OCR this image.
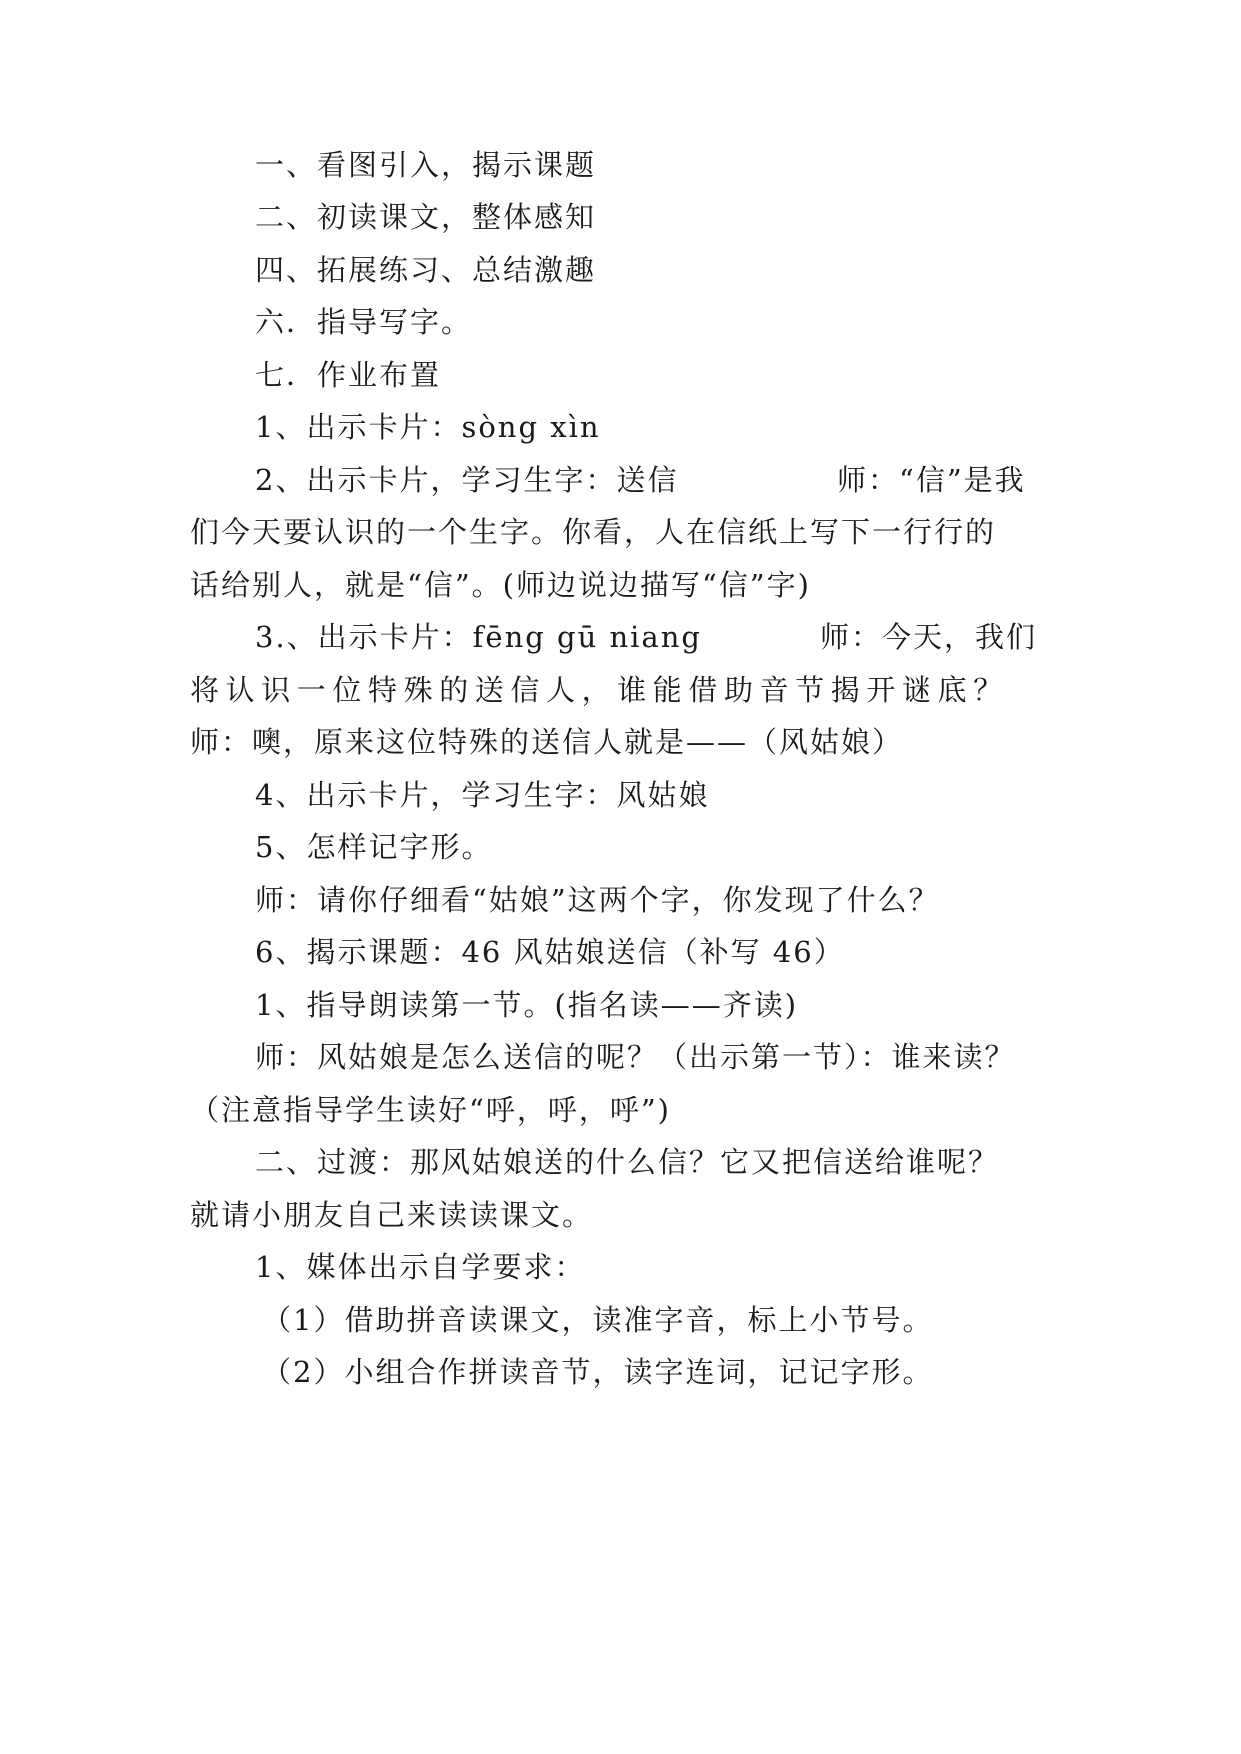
一、看图引入，揭示课题
二、初读课文，整体感知
四、拓展练习、总结激趣
六．指导写字。
七．作业布置
1、出示卡片：sòng xìn
2、出示卡片，学习生字：送信	师：“信”是我
们今天要认识的一个生字。你看，人在信纸上写下一行行的
话给别人，就是“信”。(师边说边描写“信”字)
3.、出示卡片：fēng gū niang	师：今天，我们
将认识一位特殊的送信人，谁能借助音节揭开谜底？
师：噢，原来这位特殊的送信人就是——（风姑娘）
4、出示卡片，学习生字：风姑娘
5、怎样记字形。
师：请你仔细看“姑娘”这两个字，你发现了什么？
6、揭示课题：46 风姑娘送信（补写 46）
1、指导朗读第一节。(指名读——齐读)
师：风姑娘是怎么送信的呢？（出示第一节）：谁来读？
（注意指导学生读好“呼，呼，呼”)
二、过渡：那风姑娘送的什么信？它又把信送给谁呢？
就请小朋友自己来读读课文。
1、媒体出示自学要求：
（1）借助拼音读课文，读准字音，标上小节号。
（2）小组合作拼读音节，读字连词，记记字形。
